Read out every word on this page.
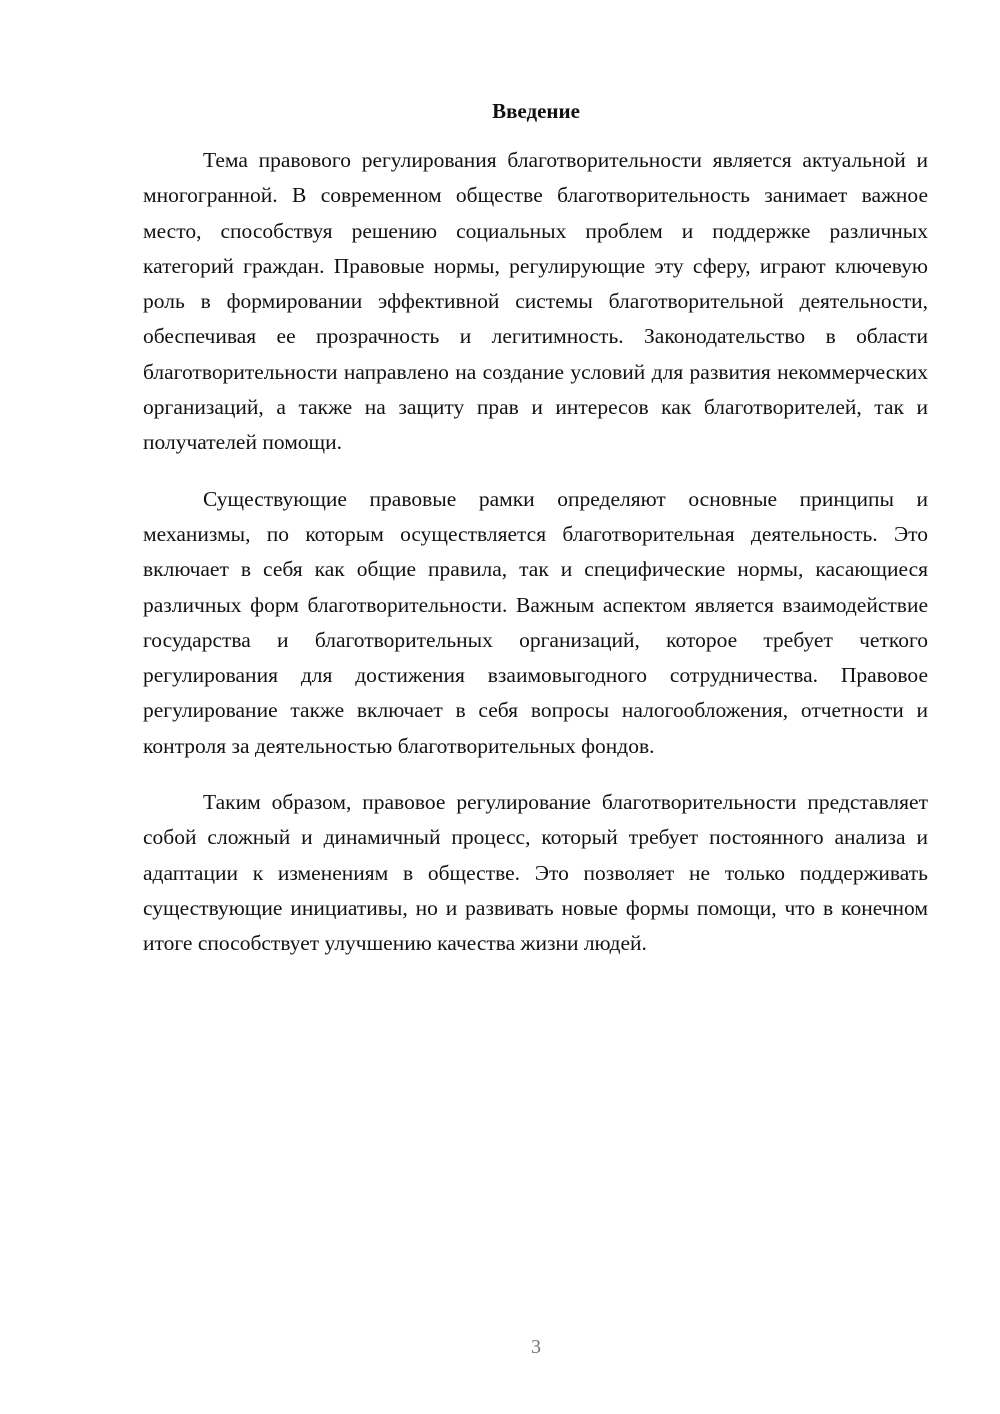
Введение

Тема правового регулирования благотворительности является актуальной и многогранной. В современном обществе благотворительность занимает важное место, способствуя решению социальных проблем и поддержке различных категорий граждан. Правовые нормы, регулирующие эту сферу, играют ключевую роль в формировании эффективной системы благотворительной деятельности, обеспечивая ее прозрачность и легитимность. Законодательство в области благотворительности направлено на создание условий для развития некоммерческих организаций, а также на защиту прав и интересов как благотворителей, так и получателей помощи.

Существующие правовые рамки определяют основные принципы и механизмы, по которым осуществляется благотворительная деятельность. Это включает в себя как общие правила, так и специфические нормы, касающиеся различных форм благотворительности. Важным аспектом является взаимодействие государства и благотворительных организаций, которое требует четкого регулирования для достижения взаимовыгодного сотрудничества. Правовое регулирование также включает в себя вопросы налогообложения, отчетности и контроля за деятельностью благотворительных фондов.

Таким образом, правовое регулирование благотворительности представляет собой сложный и динамичный процесс, который требует постоянного анализа и адаптации к изменениям в обществе. Это позволяет не только поддерживать существующие инициативы, но и развивать новые формы помощи, что в конечном итоге способствует улучшению качества жизни людей.

3
